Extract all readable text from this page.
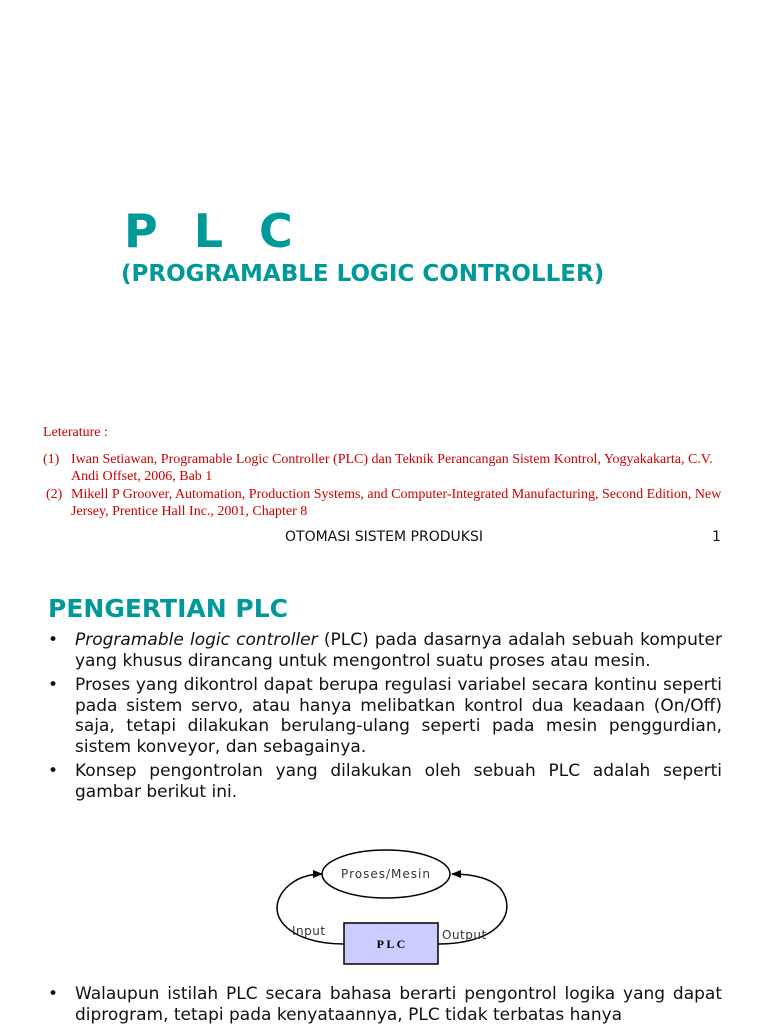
P L C
(PROGRAMABLE LOGIC CONTROLLER)
Leterature :
(1) Iwan Setiawan, Programable Logic Controller (PLC) dan Teknik Perancangan Sistem Kontrol, Yogyakakarta, C.V. Andi Offset, 2006, Bab 1
(2) Mikell P Groover, Automation, Production Systems, and Computer-Integrated Manufacturing, Second Edition, New Jersey, Prentice Hall Inc., 2001, Chapter 8
OTOMASI SISTEM PRODUKSI	1
PENGERTIAN PLC
• Programable logic controller (PLC) pada dasarnya adalah sebuah komputer yang khusus dirancang untuk mengontrol suatu proses atau mesin.
• Proses yang dikontrol dapat berupa regulasi variabel secara kontinu seperti pada sistem servo, atau hanya melibatkan kontrol dua keadaan (On/Off) saja, tetapi dilakukan berulang-ulang seperti pada mesin penggurdian, sistem konveyor, dan sebagainya.
• Konsep pengontrolan yang dilakukan oleh sebuah PLC adalah seperti gambar berikut ini.
Proses/Mesin
P L C
Input	Output
• Walaupun istilah PLC secara bahasa berarti pengontrol logika yang dapat diprogram, tetapi pada kenyataannya, PLC tidak terbatas hanya
